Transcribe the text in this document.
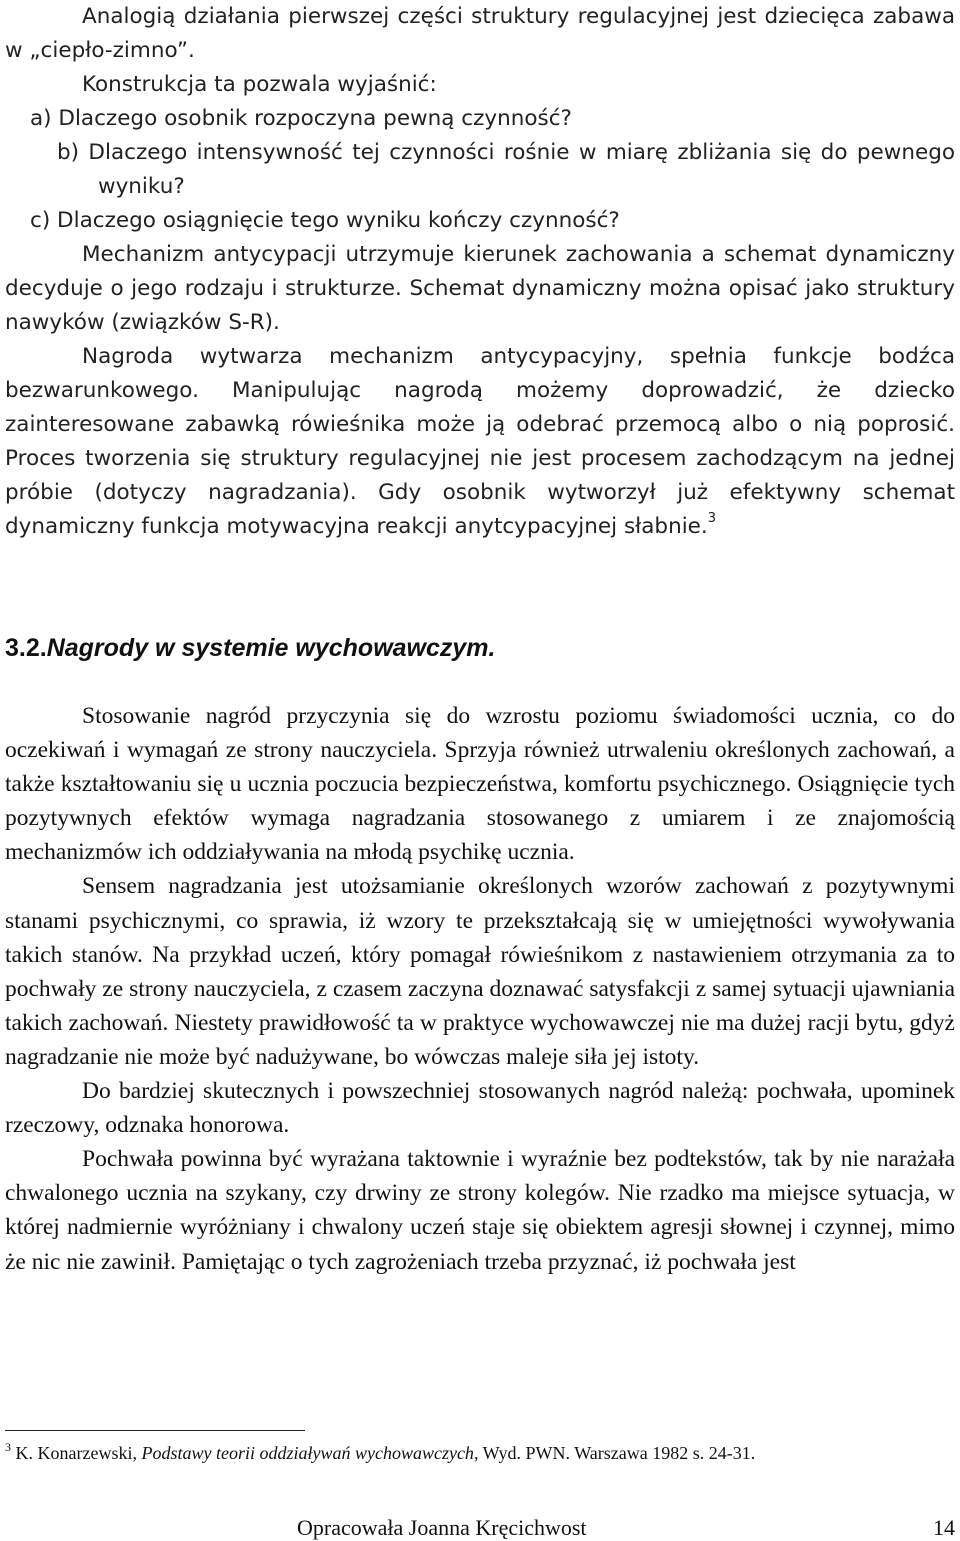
Analogią działania pierwszej części struktury regulacyjnej jest dziecięca zabawa w „ciepło-zimno”.

Konstrukcja ta pozwala wyjaśnić:

a) Dlaczego osobnik rozpoczyna pewną czynność?

b) Dlaczego intensywność tej czynności rośnie w miarę zbliżania się do pewnego wyniku?

c) Dlaczego osiągnięcie tego wyniku kończy czynność?

Mechanizm antycypacji utrzymuje kierunek zachowania a schemat dynamiczny decyduje o jego rodzaju i strukturze. Schemat dynamiczny można opisać jako struktury nawyków (związków S-R).

Nagroda wytwarza mechanizm antycypacyjny, spełnia funkcje bodźca bezwarunkowego. Manipulując nagrodą możemy doprowadzić, że dziecko zainteresowane zabawką rówieśnika może ją odebrać przemocą albo o nią poprosić. Proces tworzenia się struktury regulacyjnej nie jest procesem zachodzącym na jednej próbie (dotyczy nagradzania). Gdy osobnik wytworzył już efektywny schemat dynamiczny funkcja motywacyjna reakcji anytcypacyjnej słabnie.$^3$

3.2.Nagrody w systemie wychowawczym.

Stosowanie nagród przyczynia się do wzrostu poziomu świadomości ucznia, co do oczekiwań i wymagań ze strony nauczyciela. Sprzyja również utrwaleniu określonych zachowań, a także kształtowaniu się u ucznia poczucia bezpieczeństwa, komfortu psychicznego. Osiągnięcie tych pozytywnych efektów wymaga nagradzania stosowanego z umiarem i ze znajomością mechanizmów ich oddziaływania na młodą psychikę ucznia.

Sensem nagradzania jest utożsamianie określonych wzorów zachowań z pozytywnymi stanami psychicznymi, co sprawia, iż wzory te przekształcają się w umiejętności wywoływania takich stanów. Na przykład uczeń, który pomagał rówieśnikom z nastawieniem otrzymania za to pochwały ze strony nauczyciela, z czasem zaczyna doznawać satysfakcji z samej sytuacji ujawniania takich zachowań. Niestety prawidłowość ta w praktyce wychowawczej nie ma dużej racji bytu, gdyż nagradzanie nie może być nadużywane, bo wówczas maleje siła jej istoty.

Do bardziej skutecznych i powszechniej stosowanych nagród należą: pochwała, upominek rzeczowy, odznaka honorowa.

Pochwała powinna być wyrażana taktownie i wyraźnie bez podtekstów, tak by nie narażała chwalonego ucznia na szykany, czy drwiny ze strony kolegów. Nie rzadko ma miejsce sytuacja, w której nadmiernie wyróżniany i chwalony uczeń staje się obiektem agresji słownej i czynnej, mimo że nic nie zawinił. Pamiętając o tych zagrożeniach trzeba przyznać, iż pochwała jest

$^3$ K. Konarzewski, Podstawy teorii oddziaływań wychowawczych, Wyd. PWN. Warszawa 1982 s. 24-31.
Opracowała Joanna Kręcichwost	14
